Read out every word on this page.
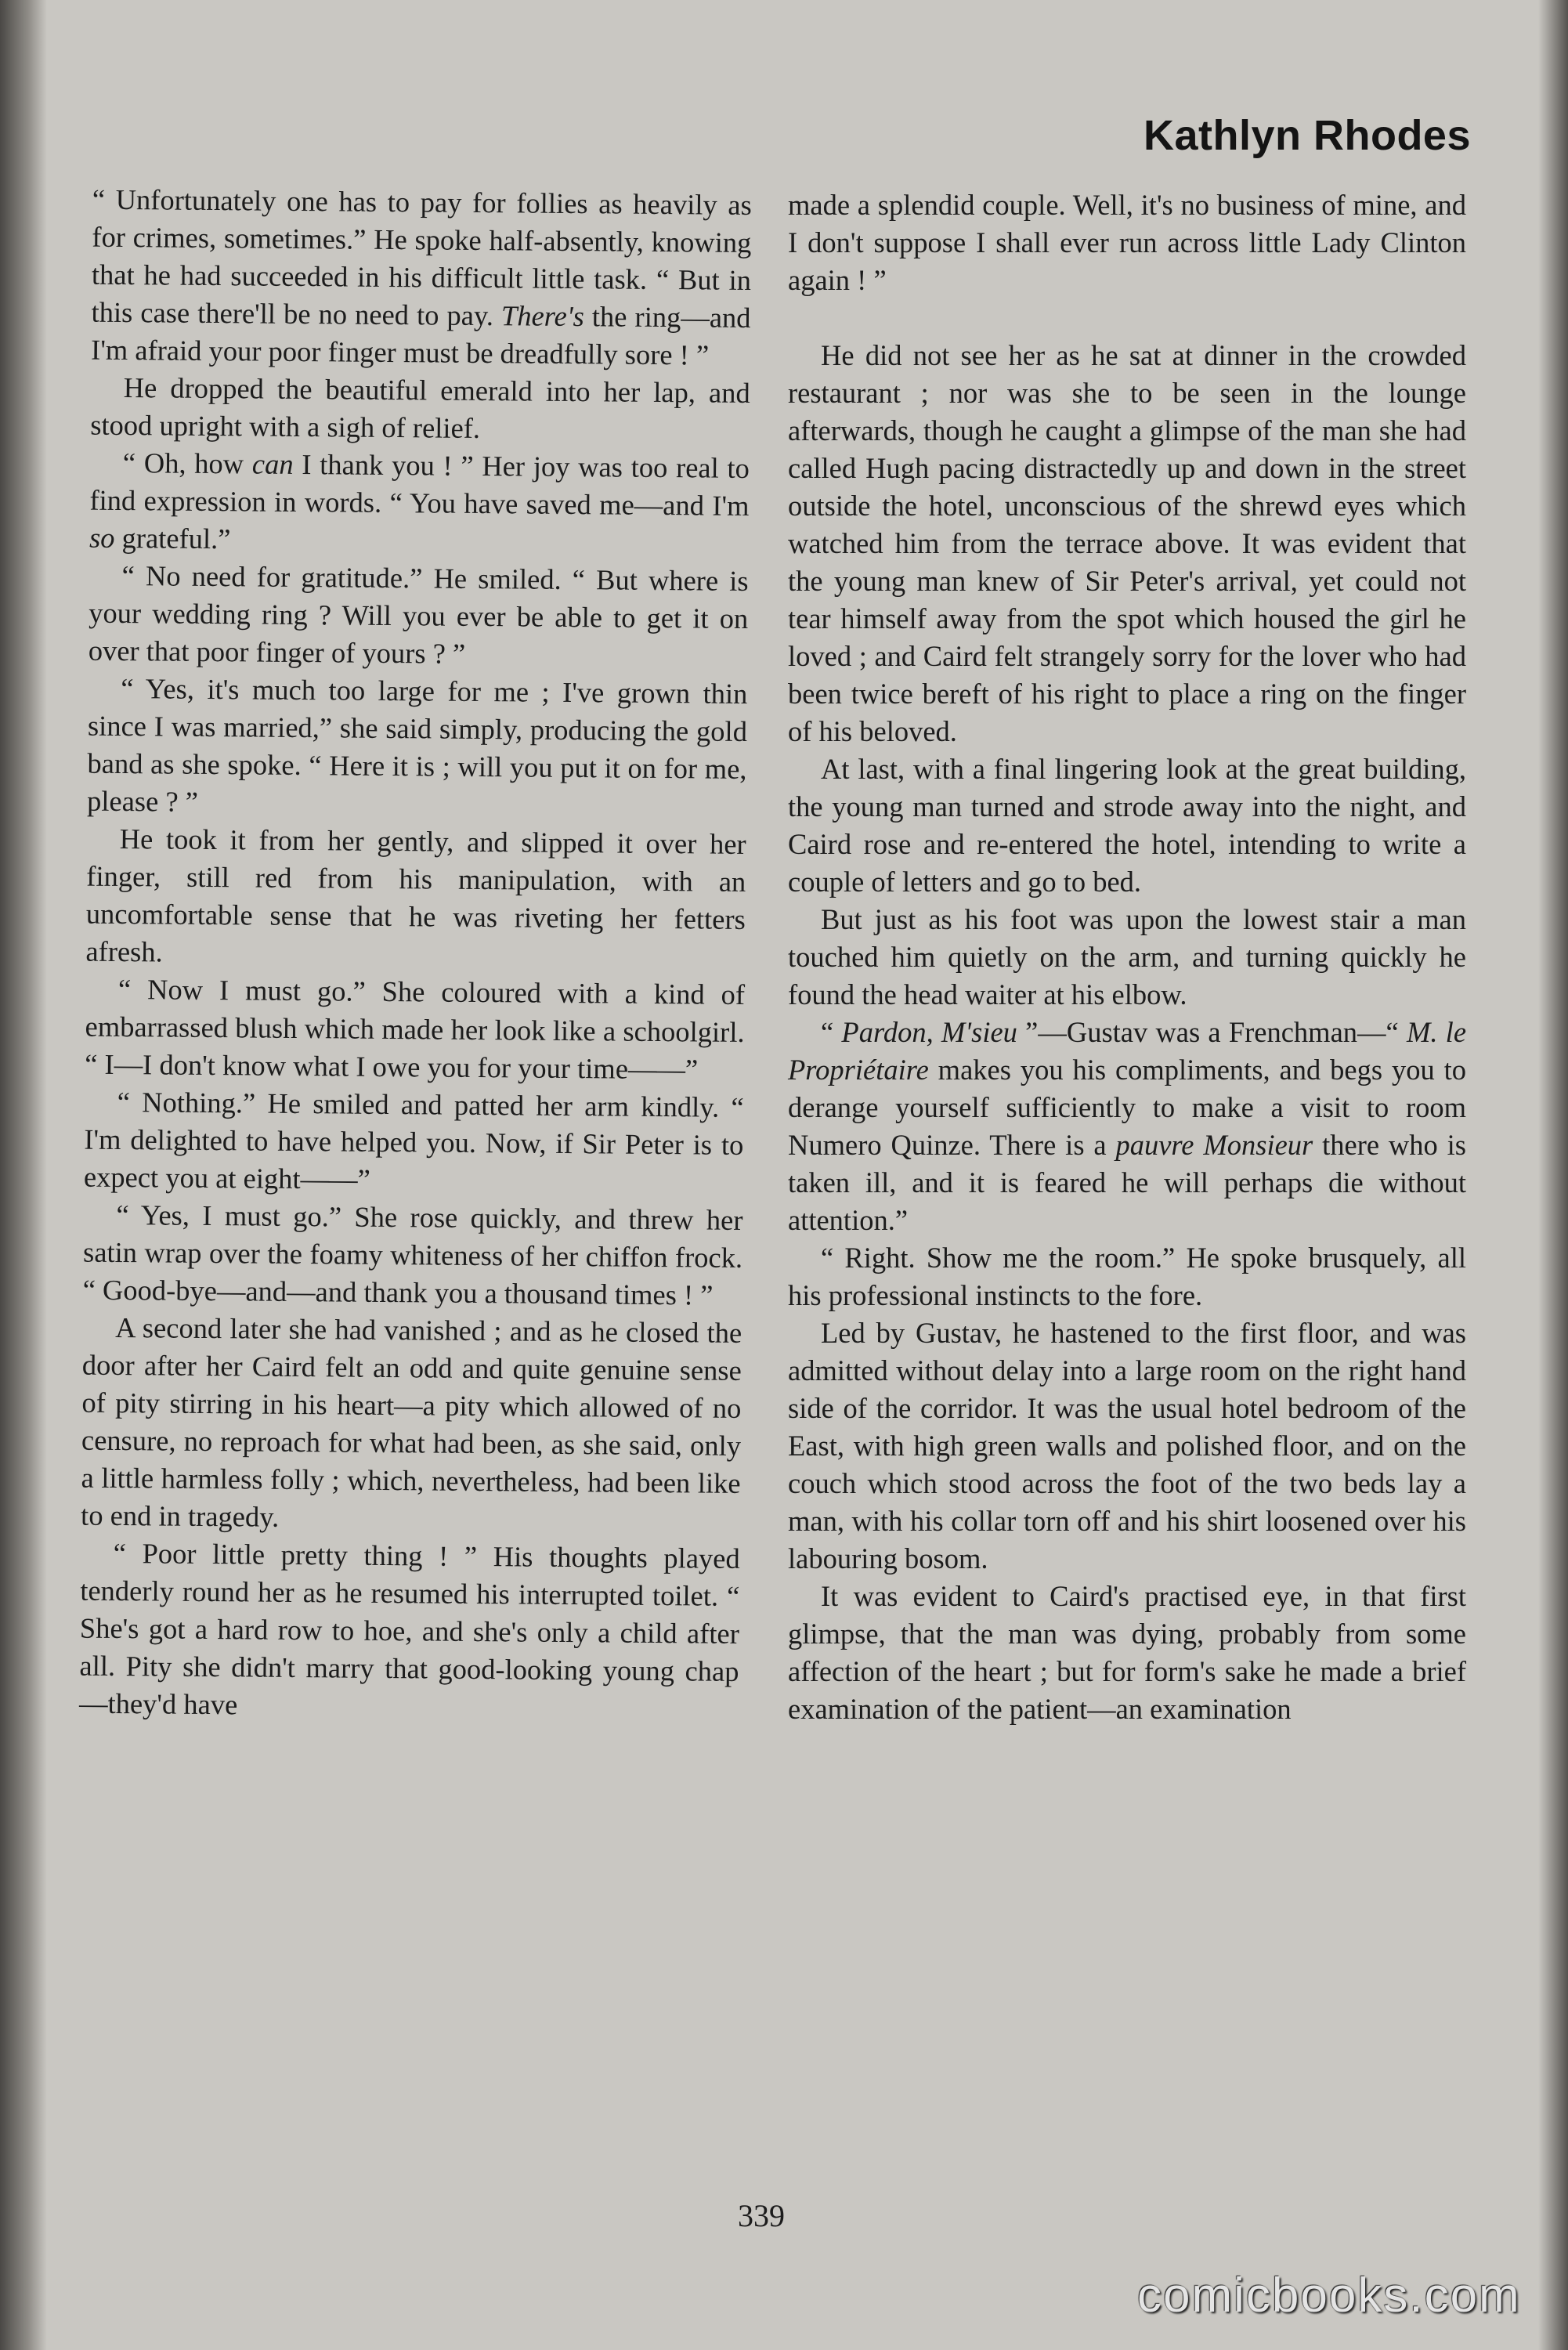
Kathlyn Rhodes

“ Unfortunately one has to pay for follies as heavily as for crimes, sometimes.” He spoke half-absently, knowing that he had succeeded in his difficult little task. “ But in this case there'll be no need to pay. There's the ring—and I'm afraid your poor finger must be dreadfully sore ! ”

He dropped the beautiful emerald into her lap, and stood upright with a sigh of relief.

“ Oh, how can I thank you ! ” Her joy was too real to find expression in words. “ You have saved me—and I'm so grateful.”

“ No need for gratitude.” He smiled. “ But where is your wedding ring ? Will you ever be able to get it on over that poor finger of yours ? ”

“ Yes, it's much too large for me ; I've grown thin since I was married,” she said simply, producing the gold band as she spoke. “ Here it is ; will you put it on for me, please ? ”

He took it from her gently, and slipped it over her finger, still red from his manipulation, with an uncomfortable sense that he was riveting her fetters afresh.

“ Now I must go.” She coloured with a kind of embarrassed blush which made her look like a schoolgirl. “ I—I don't know what I owe you for your time——”

“ Nothing.” He smiled and patted her arm kindly. “ I'm delighted to have helped you. Now, if Sir Peter is to expect you at eight——”

“ Yes, I must go.” She rose quickly, and threw her satin wrap over the foamy whiteness of her chiffon frock. “ Good-bye—and—and thank you a thousand times ! ”

A second later she had vanished ; and as he closed the door after her Caird felt an odd and quite genuine sense of pity stirring in his heart—a pity which allowed of no censure, no reproach for what had been, as she said, only a little harmless folly ; which, nevertheless, had been like to end in tragedy.

“ Poor little pretty thing ! ” His thoughts played tenderly round her as he resumed his interrupted toilet. “ She's got a hard row to hoe, and she's only a child after all. Pity she didn't marry that good-looking young chap—they'd have

made a splendid couple. Well, it's no business of mine, and I don't suppose I shall ever run across little Lady Clinton again ! ”

He did not see her as he sat at dinner in the crowded restaurant ; nor was she to be seen in the lounge afterwards, though he caught a glimpse of the man she had called Hugh pacing distractedly up and down in the street outside the hotel, unconscious of the shrewd eyes which watched him from the terrace above. It was evident that the young man knew of Sir Peter's arrival, yet could not tear himself away from the spot which housed the girl he loved ; and Caird felt strangely sorry for the lover who had been twice bereft of his right to place a ring on the finger of his beloved.

At last, with a final lingering look at the great building, the young man turned and strode away into the night, and Caird rose and re-entered the hotel, intending to write a couple of letters and go to bed.

But just as his foot was upon the lowest stair a man touched him quietly on the arm, and turning quickly he found the head waiter at his elbow.

“ Pardon, M'sieu ”—Gustav was a Frenchman—“ M. le Propriétaire makes you his compliments, and begs you to derange yourself sufficiently to make a visit to room Numero Quinze. There is a pauvre Monsieur there who is taken ill, and it is feared he will perhaps die without attention.”

“ Right. Show me the room.” He spoke brusquely, all his professional instincts to the fore.

Led by Gustav, he hastened to the first floor, and was admitted without delay into a large room on the right hand side of the corridor. It was the usual hotel bedroom of the East, with high green walls and polished floor, and on the couch which stood across the foot of the two beds lay a man, with his collar torn off and his shirt loosened over his labouring bosom.

It was evident to Caird's practised eye, in that first glimpse, that the man was dying, probably from some affection of the heart ; but for form's sake he made a brief examination of the patient—an examination

339
comicbooks.com
